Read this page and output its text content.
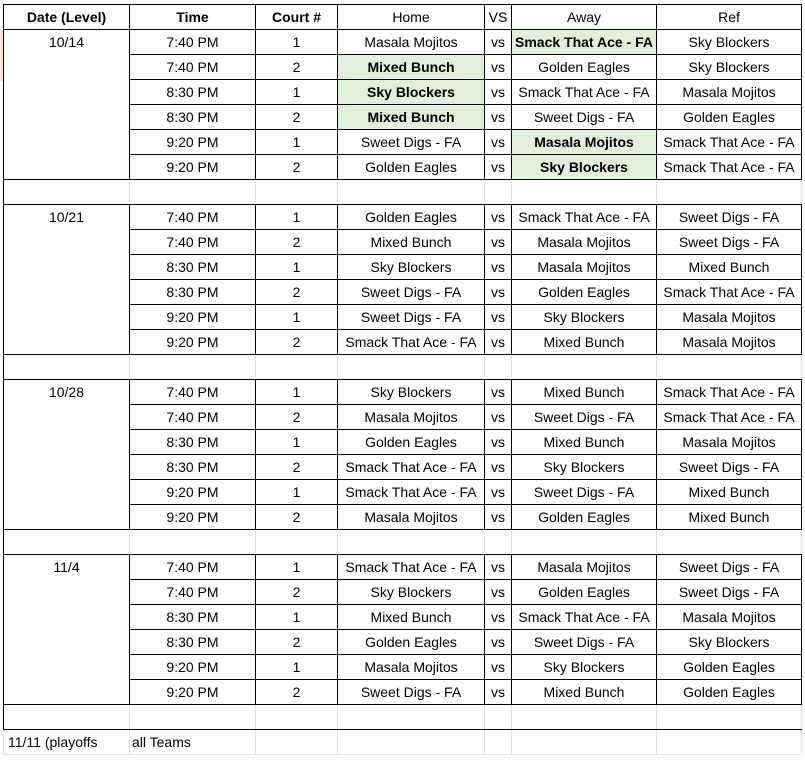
Date (Level)	Time	Court #	Home	VS	Away	Ref
10/14	7:40 PM	1	Masala Mojitos	vs	Smack That Ace - FA	Sky Blockers
	7:40 PM	2	Mixed Bunch	vs	Golden Eagles	Sky Blockers
	8:30 PM	1	Sky Blockers	vs	Smack That Ace - FA	Masala Mojitos
	8:30 PM	2	Mixed Bunch	vs	Sweet Digs - FA	Golden Eagles
	9:20 PM	1	Sweet Digs - FA	vs	Masala Mojitos	Smack That Ace - FA
	9:20 PM	2	Golden Eagles	vs	Sky Blockers	Smack That Ace - FA

10/21	7:40 PM	1	Golden Eagles	vs	Smack That Ace - FA	Sweet Digs - FA
	7:40 PM	2	Mixed Bunch	vs	Masala Mojitos	Sweet Digs - FA
	8:30 PM	1	Sky Blockers	vs	Masala Mojitos	Mixed Bunch
	8:30 PM	2	Sweet Digs - FA	vs	Golden Eagles	Smack That Ace - FA
	9:20 PM	1	Sweet Digs - FA	vs	Sky Blockers	Masala Mojitos
	9:20 PM	2	Smack That Ace - FA	vs	Mixed Bunch	Masala Mojitos

10/28	7:40 PM	1	Sky Blockers	vs	Mixed Bunch	Smack That Ace - FA
	7:40 PM	2	Masala Mojitos	vs	Sweet Digs - FA	Smack That Ace - FA
	8:30 PM	1	Golden Eagles	vs	Mixed Bunch	Masala Mojitos
	8:30 PM	2	Smack That Ace - FA	vs	Sky Blockers	Sweet Digs - FA
	9:20 PM	1	Smack That Ace - FA	vs	Sweet Digs - FA	Mixed Bunch
	9:20 PM	2	Masala Mojitos	vs	Golden Eagles	Mixed Bunch

11/4	7:40 PM	1	Smack That Ace - FA	vs	Masala Mojitos	Sweet Digs - FA
	7:40 PM	2	Sky Blockers	vs	Golden Eagles	Sweet Digs - FA
	8:30 PM	1	Mixed Bunch	vs	Smack That Ace - FA	Masala Mojitos
	8:30 PM	2	Golden Eagles	vs	Sweet Digs - FA	Sky Blockers
	9:20 PM	1	Masala Mojitos	vs	Sky Blockers	Golden Eagles
	9:20 PM	2	Sweet Digs - FA	vs	Mixed Bunch	Golden Eagles

11/11 (playoffs	all Teams					
